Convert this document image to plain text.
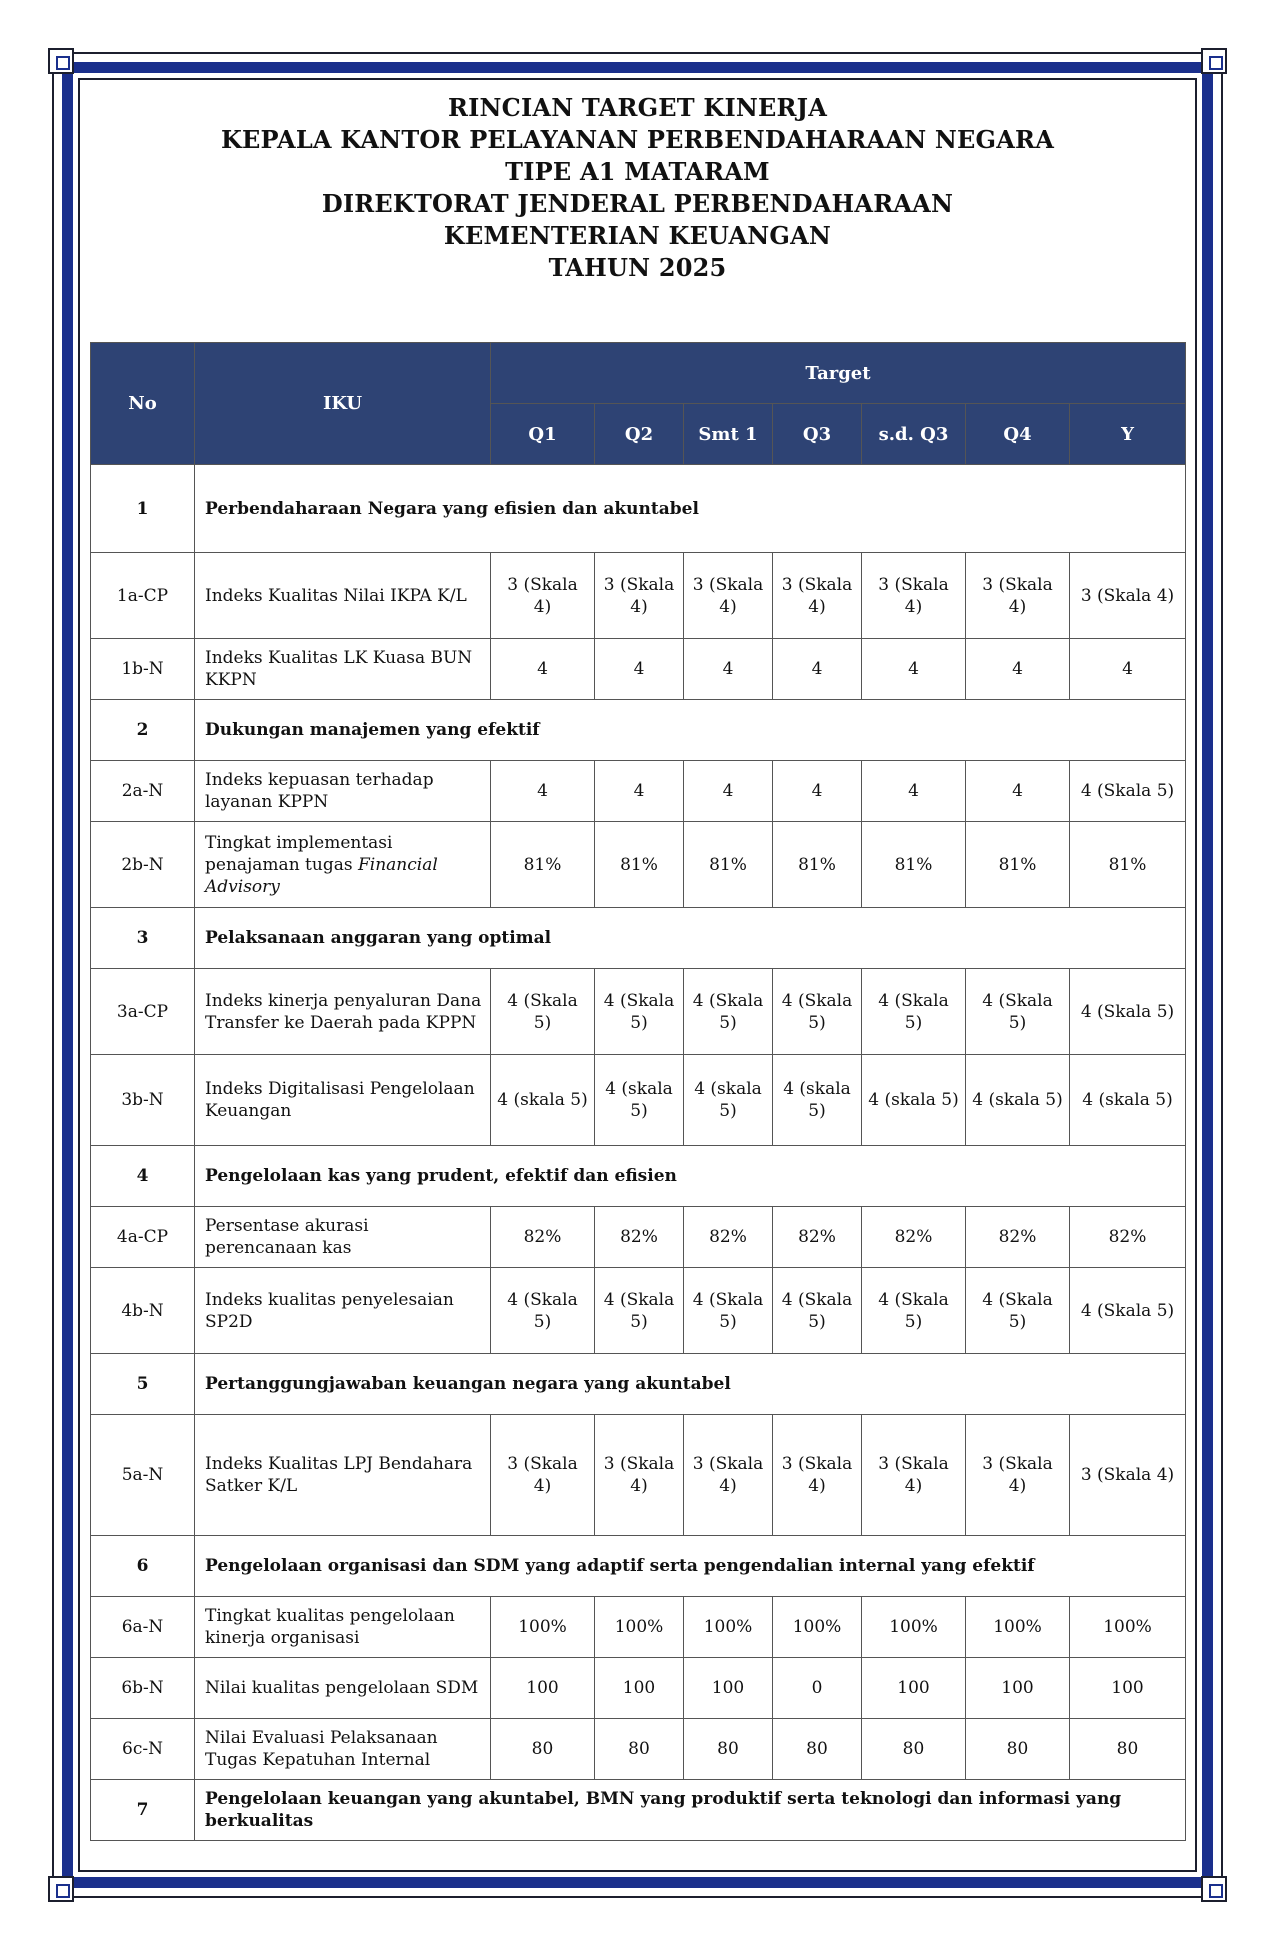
RINCIAN TARGET KINERJA
KEPALA KANTOR PELAYANAN PERBENDAHARAAN NEGARA
TIPE A1 MATARAM
DIREKTORAT JENDERAL PERBENDAHARAAN
KEMENTERIAN KEUANGAN
TAHUN 2025
No	IKU	Target						
		Q1	Q2	Smt 1	Q3	s.d. Q3	Q4	Y
1	Perbendaharaan Negara yang efisien dan akuntabel							
1a-CP	Indeks Kualitas Nilai IKPA K/L	3 (Skala 4)	3 (Skala 4)	3 (Skala 4)	3 (Skala 4)	3 (Skala 4)	3 (Skala 4)	3 (Skala 4)
1b-N	Indeks Kualitas LK Kuasa BUN KKPN	4	4	4	4	4	4	4
2	Dukungan manajemen yang efektif							
2a-N	Indeks kepuasan terhadap layanan KPPN	4	4	4	4	4	4	4 (Skala 5)
2b-N	Tingkat implementasi penajaman tugas Financial Advisory	81%	81%	81%	81%	81%	81%	81%
3	Pelaksanaan anggaran yang optimal							
3a-CP	Indeks kinerja penyaluran Dana Transfer ke Daerah pada KPPN	4 (Skala 5)	4 (Skala 5)	4 (Skala 5)	4 (Skala 5)	4 (Skala 5)	4 (Skala 5)	4 (Skala 5)
3b-N	Indeks Digitalisasi Pengelolaan Keuangan	4 (skala 5)	4 (skala 5)	4 (skala 5)	4 (skala 5)	4 (skala 5)	4 (skala 5)	4 (skala 5)
4	Pengelolaan kas yang prudent, efektif dan efisien							
4a-CP	Persentase akurasi perencanaan kas	82%	82%	82%	82%	82%	82%	82%
4b-N	Indeks kualitas penyelesaian SP2D	4 (Skala 5)	4 (Skala 5)	4 (Skala 5)	4 (Skala 5)	4 (Skala 5)	4 (Skala 5)	4 (Skala 5)
5	Pertanggungjawaban keuangan negara yang akuntabel							
5a-N	Indeks Kualitas LPJ Bendahara Satker K/L	3 (Skala 4)	3 (Skala 4)	3 (Skala 4)	3 (Skala 4)	3 (Skala 4)	3 (Skala 4)	3 (Skala 4)
6	Pengelolaan organisasi dan SDM yang adaptif serta pengendalian internal yang efektif							
6a-N	Tingkat kualitas pengelolaan kinerja organisasi	100%	100%	100%	100%	100%	100%	100%
6b-N	Nilai kualitas pengelolaan SDM	100	100	100	0	100	100	100
6c-N	Nilai Evaluasi Pelaksanaan Tugas Kepatuhan Internal	80	80	80	80	80	80	80
7	Pengelolaan keuangan yang akuntabel, BMN yang produktif serta teknologi dan informasi yang berkualitas							
